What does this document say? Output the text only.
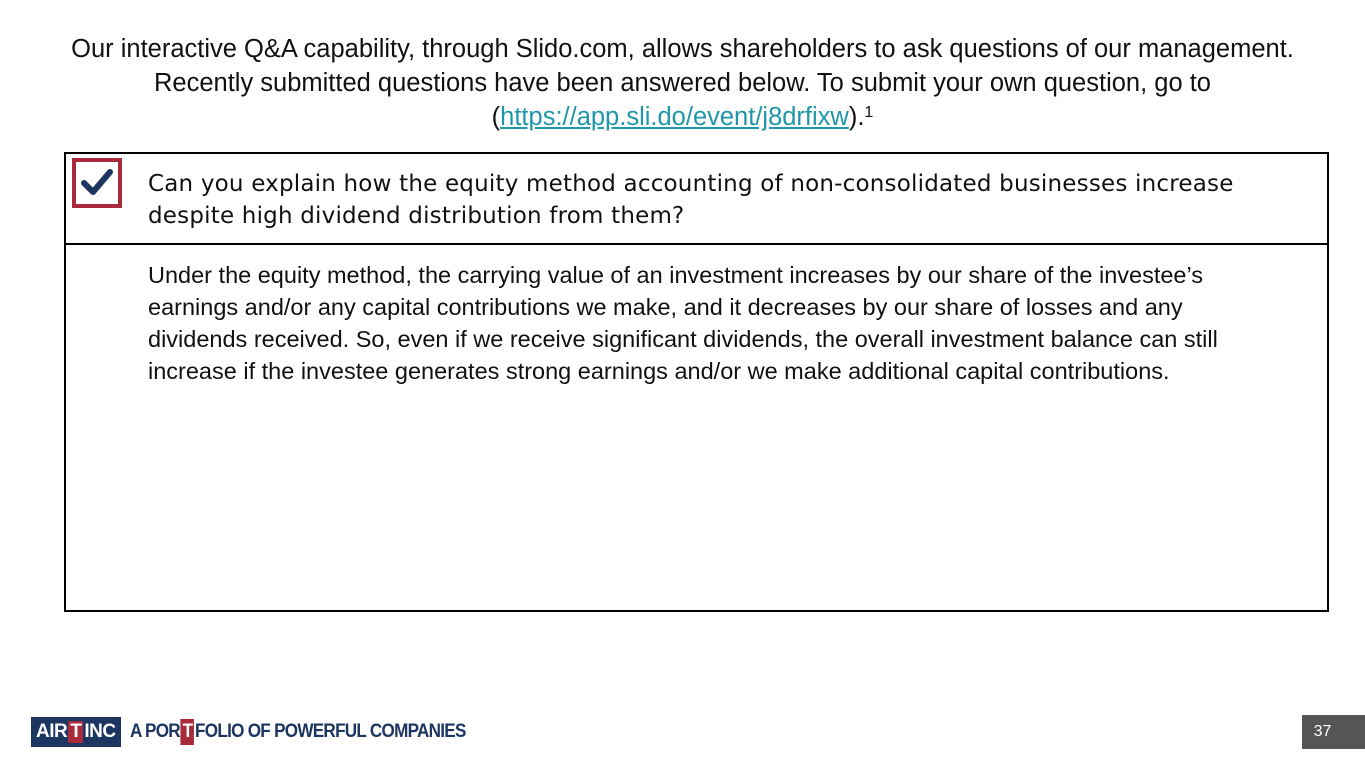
Our interactive Q&A capability, through Slido.com, allows shareholders to ask questions of our management. Recently submitted questions have been answered below. To submit your own question, go to (https://app.sli.do/event/j8drfixw).$^1$
Can you explain how the equity method accounting of non-consolidated businesses increase despite high dividend distribution from them?
Under the equity method, the carrying value of an investment increases by our share of the investee’s earnings and/or any capital contributions we make, and it decreases by our share of losses and any dividends received. So, even if we receive significant dividends, the overall investment balance can still increase if the investee generates strong earnings and/or we make additional capital contributions.
AIR T INC A POR T FOLIO OF POWERFUL COMPANIES	37
